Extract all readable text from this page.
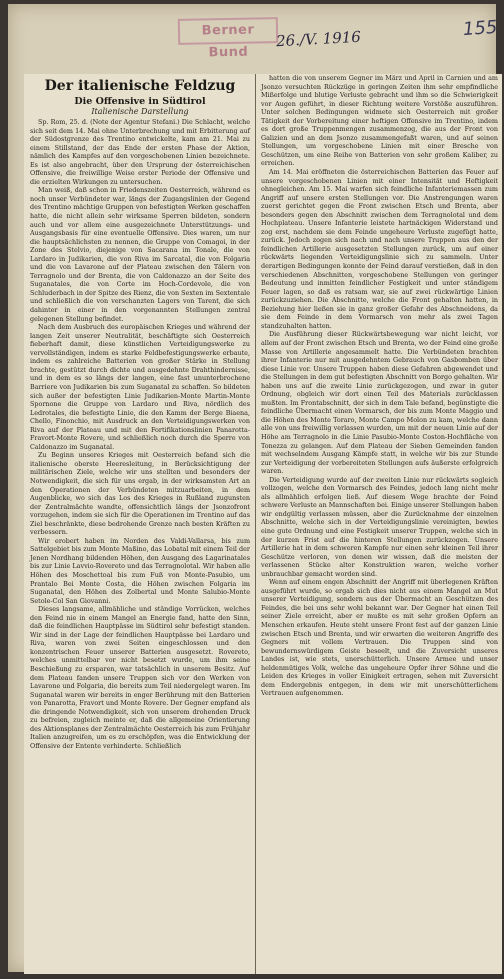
Berner Bund
26./V. 1916	155
Der italienische Feldzug
Die Offensive in Südtirol
Italienische Darstellung

Sp. Rom, 25. d. (Note der Agentur Stefani.) Die Schlacht, welche sich seit dem 14. Mai ohne Unterbrechung und mit Erbitterung auf der Südostgrenze des Trentino entwickelte, kam am 21. Mai zu einem Stillstand, der das Ende der ersten Phase der Aktion, nämlich des Kampfes auf den vorgeschobenen Linien bezeichnete. Es ist also angebracht, über den Ursprung der österreichischen Offensive, die freiwillige Weise erster Periode der Offensive und die erzielten Wirkungen zu untersuchen.

Man weiß, daß schon in Friedenszeiten Oesterreich, während es noch unser Verbündeter war, längs der Zugangslinien der Gegend des Trentino mächtige Gruppen von befestigten Werken geschaffen hatte, die nicht allein sehr wirksame Sperren bildeten, sondern auch und vor allem eine ausgezeichnete Unterstützungs- und Ausgangsbasis für eine eventuelle Offensive. Dies waren, um nur die hauptsächlichsten zu nennen, die Gruppe von Comagoi, in der Zone des Stelvio, diejenige von Sacarana im Tonale, die von Lardaro in Judikarien, die von Riva im Sarcatal, die von Folgaria und die von Lavarone auf der Plateau zwischen den Tälern von Terragnolo und der Brenta, die von Caldonazzo an der Seite des Suganatales, die von Corte im Hoch-Cordevole, die von Schluderbach in der Spitze des Rienz, die von Sexten im Sextentale und schließlich die von verschanzten Lagers von Tarent, die sich dahinter in einer in den vorgenannten Stellungen zentral gelegenen Stellung befindet.

Nach dem Ausbruch des europäischen Krieges und während der langen Zeit unserer Neutralität, beschäftigte sich Oesterreich fieberhaft damit, diese künstlichen Verteidigungswerke zu vervollständigen, indem es starke Feldbefestigungswerke erbaute, indem es zahlreiche Batterien von großer Stärke in Stellung brachte, gestützt durch dichte und ausgedehnte Drahthindernisse, und in dem es so längs der langen, eine fast ununterbrochene Barriere von Judikarien bis zum Suganatal zu schaffen. So bildeten sich außer der befestigten Linie Judikarien-Monte Martin-Monte Spornone die Gruppe von Lardaro und Riva, nördlich des Ledrotales, die befestigte Linie, die den Kamm der Berge Biaena, Chello, Finonchio, mit Ausdruck an den Verteidigungswerken von Riva auf der Plateau und mit den Fortifikationslinien Panarotta-Fravort-Monte Rovere, und schließlich noch durch die Sperre von Caldonazzo im Suganatal.

Zu Beginn unseres Krieges mit Oesterreich befand sich die italienische oberste Heeresleitung, in Berücksichtigung der militärischen Ziele, welche wir uns stellten und besonders der Notwendigkeit, die sich für uns ergab, in der wirksamsten Art an den Operationen der Verbündeten mitzuarbeiten, in dem Augenblicke, wo sich das Los des Krieges in Rußland zugunsten der Zentralmächte wandte, offensichtlich längs der Jsonzofront vorzugehen, indem sie sich für die Operationen im Trentino auf das Ziel beschränkte, diese bedrohende Grenze nach besten Kräften zu verbessern.

Wir erobert haben im Norden des Valdi-Vallarsa, bis zum Sattelgebiet bis zum Monte Maßino, das Lobatal mit einem Teil der Jenen Nordhang bildenden Höhen, den Ausgang des Lagarinatales bis zur Linie Lavvio-Rovereto und das Terragnolotal. Wir haben alle Höhen des Moschettoal bis zum Fuß von Monte-Pasubio, um Prantalo Bei Monte Costa, die Höhen zwischen Folgaria im Suganatal, den Höhen des Zolbertal und Monte Salubio-Monte Setole-Col San Giovanni.

Dieses langsame, allmähliche und ständige Vorrücken, welches den Feind nie in einem Mangel an Energie fand, hatte den Sinn, daß die feindlichen Hauptpässe im Südtirol sehr befestigt standen. Wir sind in der Lage der feindlichen Hauptpässe bei Lardaro und Riva, waren von zwei Seiten eingeschlossen und den konzentrischen Feuer unserer Batterien ausgesetzt. Rovereto, welches unmittelbar vor nicht besetzt wurde, um ihm seine Beschießung zu ersparen, war tatsächlich in unserem Besitz. Auf dem Plateau fanden unsere Truppen sich vor den Werken von Lavarone und Folgaria, die bereits zum Teil niedergelegt waren. Im Suganatal waren wir bereits in enger Berührung mit den Batterien von Panarotta, Fravort und Monte Rovere. Der Gegner empfand als die dringende Notwendigkeit, sich von unserem drohenden Druck zu befreien, zugleich meinte er, daß die allgemeine Orientierung des Aktionsplanes der Zentralmächte Oesterreich bis zum Frühjahr Italien anzugreifen, um es zu erschöpfen, was die Entwicklung der Offensive der Entente verhinderte. Schließlich

hatten die von unserem Gegner im März und April in Carnien und am Jsonzo versuchten Rückzüge in geringen Zeiten ihm sehr empfindliche Mißerfolge und blutige Verluste gebracht und ihm so die Schwierigkeit vor Augen geführt, in dieser Richtung weitere Vorstöße auszuführen. Unter solchen Bedingungen widmete sich Oesterreich mit großer Tätigkeit der Vorbereitung einer heftigen Offensive im Trentino, indem es dort große Truppenmengen zusammenzog, die aus der Front von Galizien und an dem Jsonzo zusammengefaßt waren, und auf seinen Stellungen, um vorgeschobene Linien mit einer Bresche von Geschützen, um eine Reihe von Batterien von sehr großem Kaliber, zu erreichen.

Am 14. Mai eröffneten die österreichischen Batterien das Feuer auf unsere vorgeschobenen Linien mit einer Intensität und Heftigkeit ohnegleichen. Am 15. Mai warfen sich feindliche Infanteriemassen zum Angriff auf unsere ersten Stellungen vor. Die Anstrengungen waren zuerst gerichtet gegen die Front zwischen Etsch und Brenta, aber besonders gegen den Abschnitt zwischen dem Terragnolotal und dem Hochplateau. Unsere Infanterie leistete hartnäckigen Widerstand und zog erst, nachdem sie dem Feinde ungeheure Verluste zugefügt hatte, zurück. Jedoch zogen sich nach und nach unsere Truppen aus den der feindlichen Artillerie ausgesetzten Stellungen zurück, um auf einer rückwärts liegenden Verteidigungslinie sich zu sammeln. Unter derartigen Bedingungen konnte der Feind darauf verstießen, daß in den verschiedenen Abschnitten, vorgeschobene Stellungen von geringer Bedeutung und inmitten feindlicher Festigkeit und unter ständigem Feuer lagen, so daß es ratsam war, sie auf zwei rückwärtige Linien zurückzuziehen. Die Abschnitte, welche die Front gehalten hatten, in Beziehung hier ließen sie in ganz großer Gefahr des Abschneidens, da sie dem Feinde in dem Vormarsch von mehr als zwei Tagen standzuhalten hatten.

Die Ausführung dieser Rückwärtsbewegung war nicht leicht, vor allem auf der Front zwischen Etsch und Brenta, wo der Feind eine große Masse von Artillerie angesammelt hatte. Die Verbündeten brachten ihrer Infanterie nur mit ausgedehntem Gebrauch von Gasbomben über diese Linie vor. Unsere Truppen haben diese Gefahren abgewendet und die Stellungen in dem gut befestigten Abschnitt von Borgo gehalten. Wir haben uns auf die zweite Linie zurückgezogen, und zwar in guter Ordnung, obgleich wir dort einen Teil des Materials zurücklassen mußten. Im Frontabschnitt, der sich in dem Tale befand, begünstigte die feindliche Übermacht einen Vormarsch, der bis zum Monte Maggio und die Höhen des Monte Toraro, Monte Campo Molon zu kam, welche dann alle von uns freiwillig verlassen wurden, um mit der neuen Linie auf der Höhe am Terragnolo in die Linie Pasubio-Monte Coston-Hochfläche von Tonezza zu gelangen. Auf dem Plateau der Sieben Gemeinden fanden mit wechselndem Ausgang Kämpfe statt, in welche wir bis zur Stunde zur Verteidigung der vorbereiteten Stellungen aufs äußerste erfolgreich waren.

Die Verteidigung wurde auf der zweiten Linie nur rückwärts sogleich vollzogen, welche den Vormarsch des Feindes, jedoch lang nicht mehr als allmählich erfolgen ließ. Auf diesem Wege brachte der Feind schwere Verluste an Mannschaften bei. Einige unserer Stellungen haben wir endgültig verlassen müssen, aber die Zurücknahme der einzelnen Abschnitte, welche sich in der Verteidigungslinie vereinigten, bewies eine gute Ordnung und eine Festigkeit unserer Truppen, welche sich in der kurzen Frist auf die hinteren Stellungen zurückzogen. Unsere Artillerie hat in dem schweren Kampfe nur einen sehr kleinen Teil ihrer Geschütze verloren, von denen wir wissen, daß die meisten der verlassenen Stücke alter Konstruktion waren, welche vorher unbrauchbar gemacht worden sind.

Wenn auf einem engen Abschnitt der Angriff mit überlegenen Kräften ausgeführt wurde, so ergab sich dies nicht aus einem Mangel an Mut unserer Verteidigung, sondern aus der Übermacht an Geschützen des Feindes, die bei uns sehr wohl bekannt war. Der Gegner hat einen Teil seiner Ziele erreicht, aber er mußte es mit sehr großen Opfern an Menschen erkaufen. Heute steht unsere Front fest auf der ganzen Linie zwischen Etsch und Brenta, und wir erwarten die weiteren Angriffe des Gegners mit vollem Vertrauen. Die Truppen sind von bewundernswürdigem Geiste beseelt, und die Zuversicht unseres Landes ist, wie stets, unerschütterlich. Unsere Armee und unser heldenmütiges Volk, welche das ungeheure Opfer ihrer Söhne und die Leiden des Krieges in voller Einigkeit ertragen, sehen mit Zuversicht dem Endergebnis entgegen, in dem wir mit unerschütterlichem Vertrauen aufgenommen.
